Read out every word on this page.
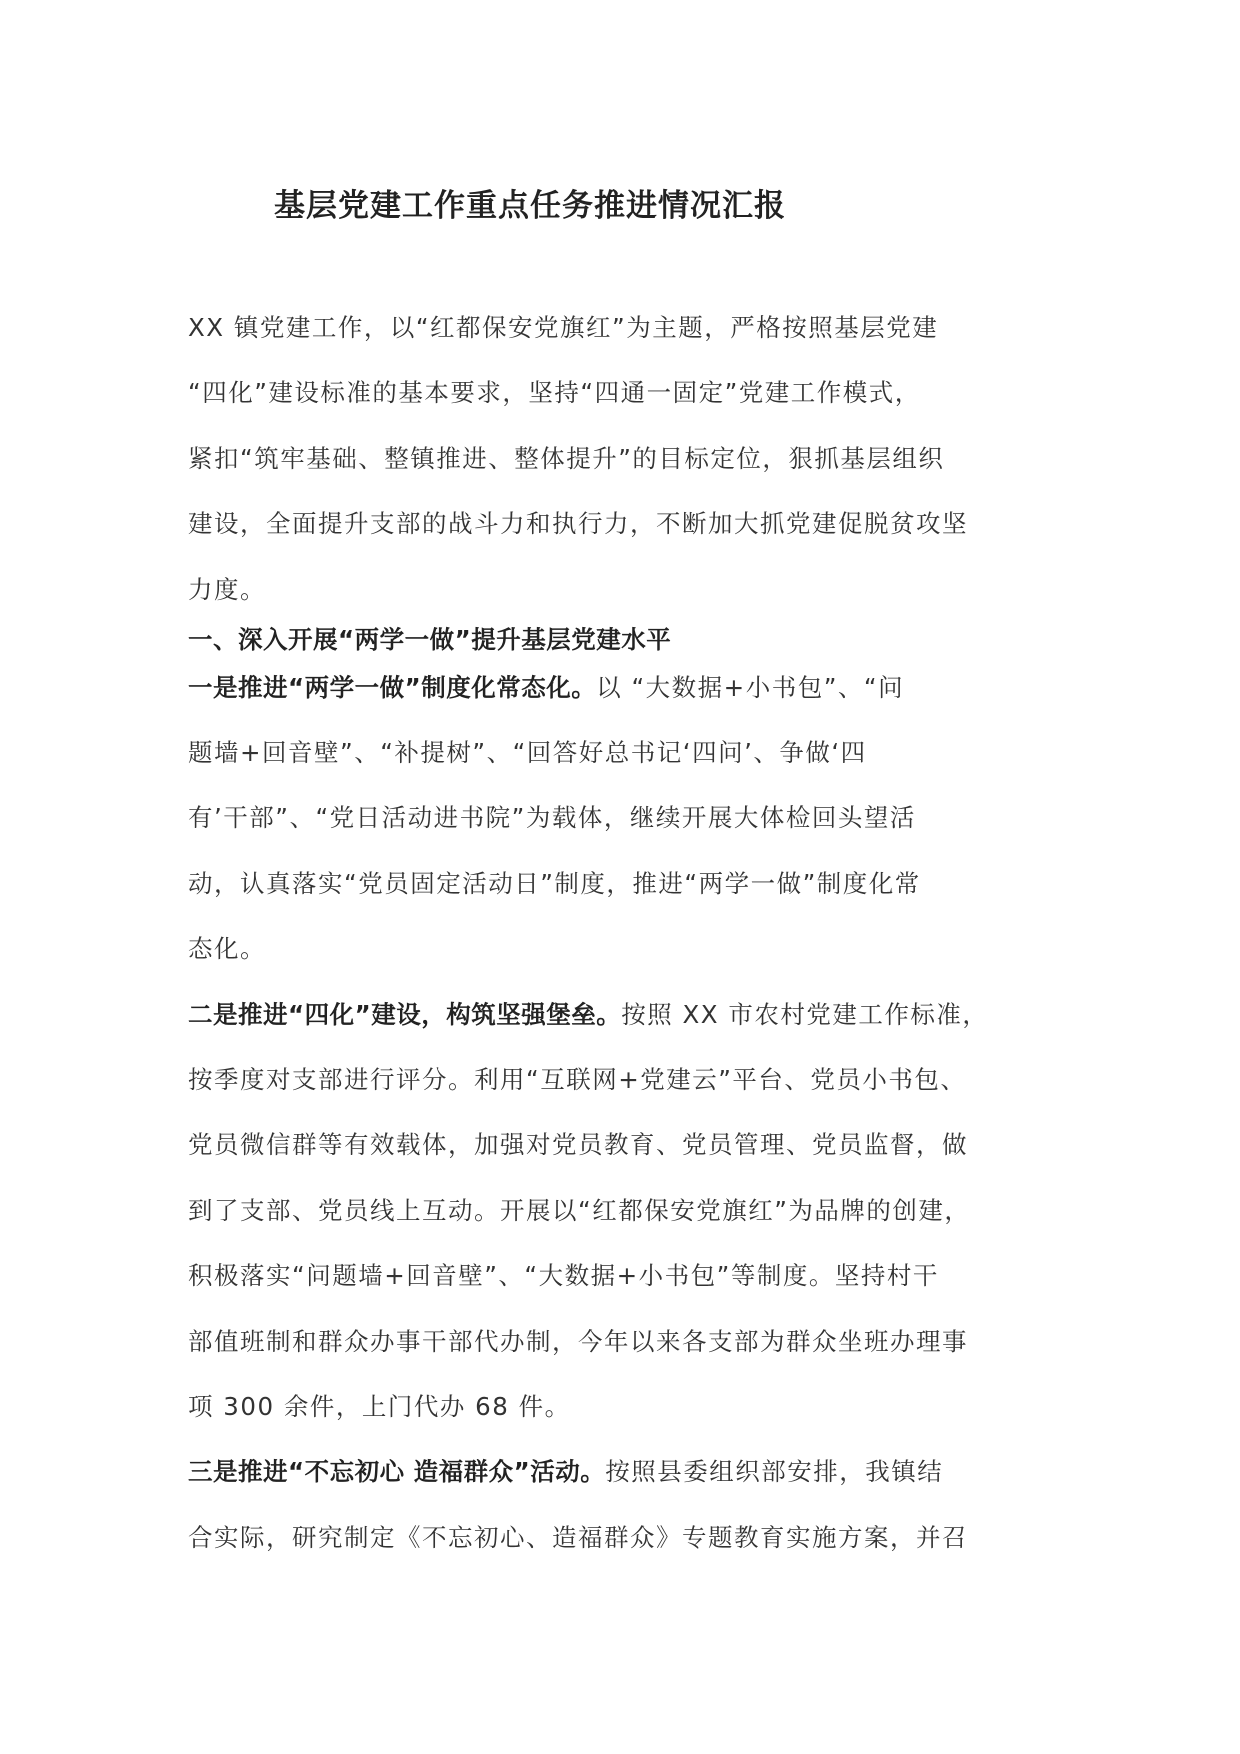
基层党建工作重点任务推进情况汇报
XX 镇党建工作，以“红都保安党旗红”为主题，严格按照基层党建
“四化”建设标准的基本要求，坚持“四通一固定”党建工作模式，
紧扣“筑牢基础、整镇推进、整体提升”的目标定位，狠抓基层组织
建设，全面提升支部的战斗力和执行力，不断加大抓党建促脱贫攻坚
力度。
一、深入开展“两学一做”提升基层党建水平
一是推进“两学一做”制度化常态化。以 “大数据+小书包”、“问
题墙+回音壁”、“补提树”、“回答好总书记‘四问’、争做‘四
有’干部”、“党日活动进书院”为载体，继续开展大体检回头望活
动，认真落实“党员固定活动日”制度，推进“两学一做”制度化常
态化。
二是推进“四化”建设，构筑坚强堡垒。按照 XX 市农村党建工作标准，
按季度对支部进行评分。利用“互联网+党建云”平台、党员小书包、
党员微信群等有效载体，加强对党员教育、党员管理、党员监督，做
到了支部、党员线上互动。开展以“红都保安党旗红”为品牌的创建，
积极落实“问题墙+回音壁”、“大数据+小书包”等制度。坚持村干
部值班制和群众办事干部代办制，今年以来各支部为群众坐班办理事
项 300 余件，上门代办 68 件。
三是推进“不忘初心 造福群众”活动。按照县委组织部安排，我镇结
合实际，研究制定《不忘初心、造福群众》专题教育实施方案，并召
